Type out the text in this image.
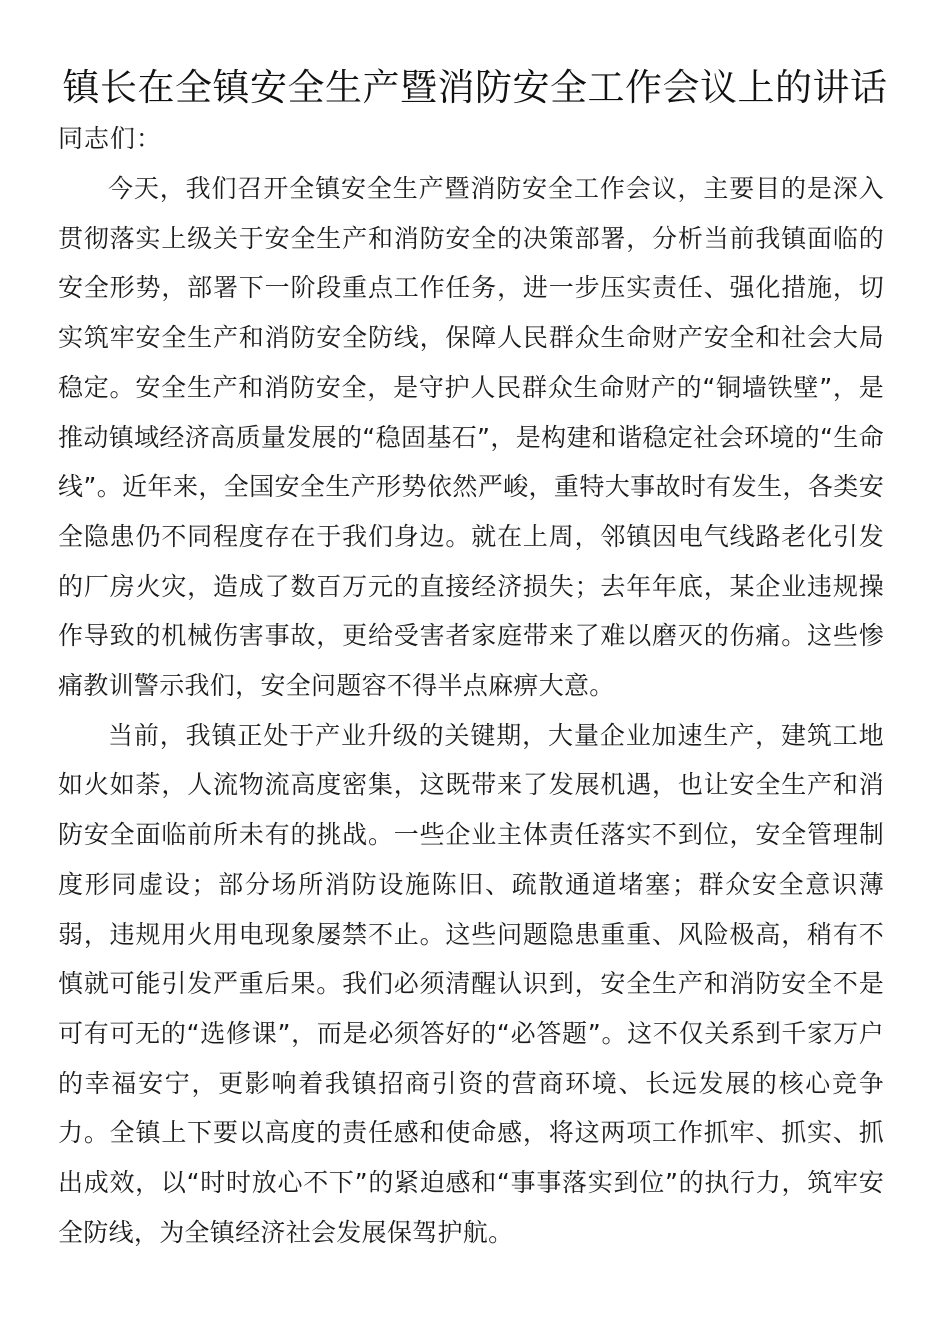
镇长在全镇安全生产暨消防安全工作会议上的讲话

同志们：

今天，我们召开全镇安全生产暨消防安全工作会议，主要目的是深入贯彻落实上级关于安全生产和消防安全的决策部署，分析当前我镇面临的安全形势，部署下一阶段重点工作任务，进一步压实责任、强化措施，切实筑牢安全生产和消防安全防线，保障人民群众生命财产安全和社会大局稳定。安全生产和消防安全，是守护人民群众生命财产的“铜墙铁壁”，是推动镇域经济高质量发展的“稳固基石”，是构建和谐稳定社会环境的“生命线”。近年来，全国安全生产形势依然严峻，重特大事故时有发生，各类安全隐患仍不同程度存在于我们身边。就在上周，邻镇因电气线路老化引发的厂房火灾，造成了数百万元的直接经济损失；去年年底，某企业违规操作导致的机械伤害事故，更给受害者家庭带来了难以磨灭的伤痛。这些惨痛教训警示我们，安全问题容不得半点麻痹大意。

当前，我镇正处于产业升级的关键期，大量企业加速生产，建筑工地如火如荼，人流物流高度密集，这既带来了发展机遇，也让安全生产和消防安全面临前所未有的挑战。一些企业主体责任落实不到位，安全管理制度形同虚设；部分场所消防设施陈旧、疏散通道堵塞；群众安全意识薄弱，违规用火用电现象屡禁不止。这些问题隐患重重、风险极高，稍有不慎就可能引发严重后果。我们必须清醒认识到，安全生产和消防安全不是可有可无的“选修课”，而是必须答好的“必答题”。这不仅关系到千家万户的幸福安宁，更影响着我镇招商引资的营商环境、长远发展的核心竞争力。全镇上下要以高度的责任感和使命感，将这两项工作抓牢、抓实、抓出成效，以“时时放心不下”的紧迫感和“事事落实到位”的执行力，筑牢安全防线，为全镇经济社会发展保驾护航。
